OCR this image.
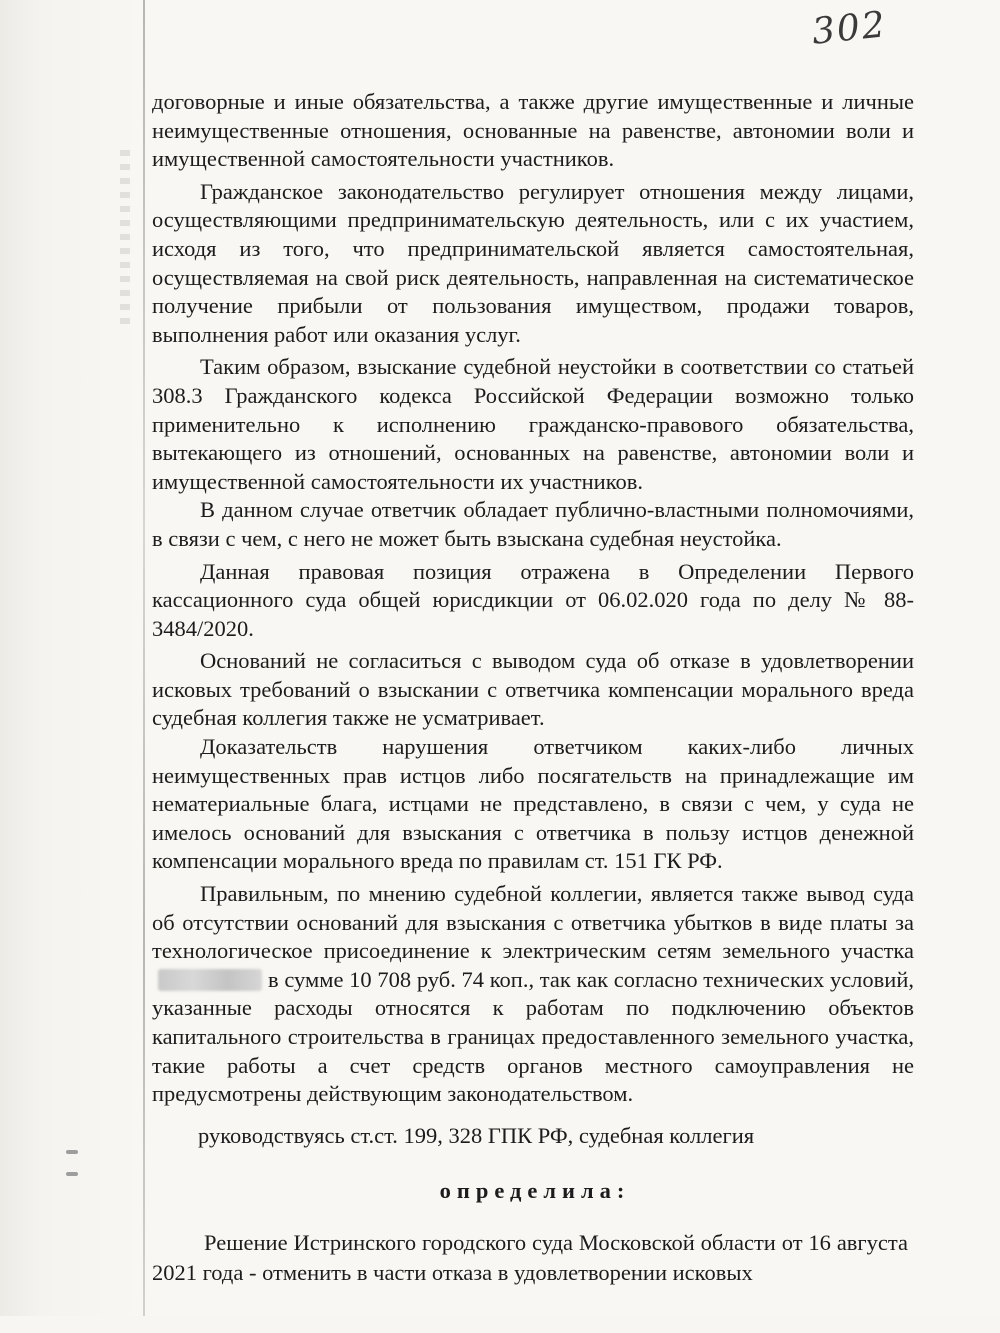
302

договорные и иные обязательства, а также другие имущественные и личные неимущественные отношения, основанные на равенстве, автономии воли и имущественной самостоятельности участников.

Гражданское законодательство регулирует отношения между лицами, осуществляющими предпринимательскую деятельность, или с их участием, исходя из того, что предпринимательской является самостоятельная, осуществляемая на свой риск деятельность, направленная на систематическое получение прибыли от пользования имуществом, продажи товаров, выполнения работ или оказания услуг.

Таким образом, взыскание судебной неустойки в соответствии со статьей 308.3 Гражданского кодекса Российской Федерации возможно только применительно к исполнению гражданско-правового обязательства, вытекающего из отношений, основанных на равенстве, автономии воли и имущественной самостоятельности их участников.

В данном случае ответчик обладает публично-властными полномочиями, в связи с чем, с него не может быть взыскана судебная неустойка.

Данная правовая позиция отражена в Определении Первого кассационного суда общей юрисдикции от 06.02.020 года по делу № 88-3484/2020.

Оснований не согласиться с выводом суда об отказе в удовлетворении исковых требований о взыскании с ответчика компенсации морального вреда судебная коллегия также не усматривает.

Доказательств нарушения ответчиком каких-либо личных неимущественных прав истцов либо посягательств на принадлежащие им нематериальные блага, истцами не представлено, в связи с чем, у суда не имелось оснований для взыскания с ответчика в пользу истцов денежной компенсации морального вреда по правилам ст. 151 ГК РФ.

Правильным, по мнению судебной коллегии, является также вывод суда об отсутствии оснований для взыскания с ответчика убытков в виде платы за технологическое присоединение к электрическим сетям земельного участкав сумме 10 708 руб. 74 коп., так как согласно технических условий, указанные расходы относятся к работам по подключению объектов капитального строительства в границах предоставленного земельного участка, такие работы а счет средств органов местного самоуправления не предусмотрены действующим законодательством.

руководствуясь ст.ст. 199, 328 ГПК РФ, судебная коллегия

определила:

Решение Истринского городского суда Московской области от 16 августа 2021 года - отменить в части отказа в удовлетворении исковых
